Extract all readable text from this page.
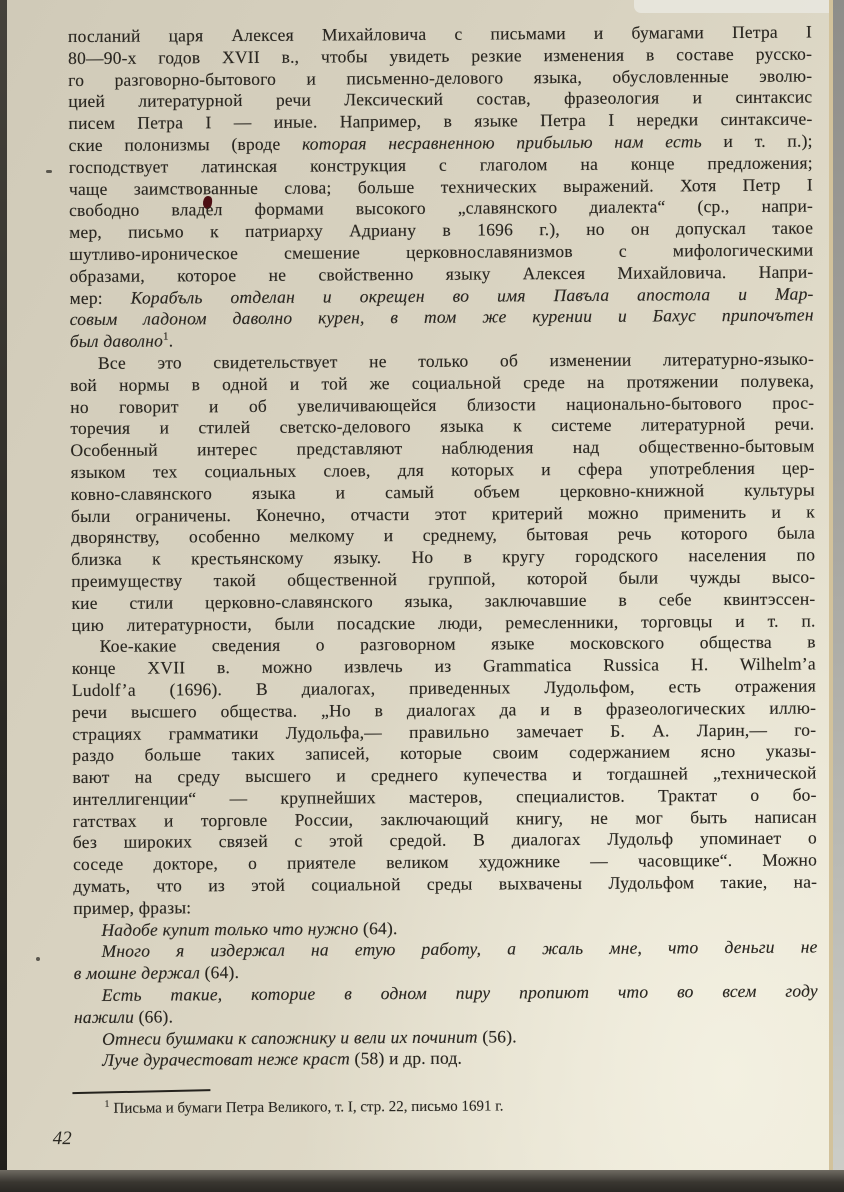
посланий царя Алексея Михайловича с письмами и бумагами Петра I
80—90-х годов XVII в., чтобы увидеть резкие изменения в составе русско-
го разговорно-бытового и письменно-делового языка, обусловленные эволю-
цией литературной речи Лексический состав, фразеология и синтаксис
писем Петра I — иные. Например, в языке Петра I нередки синтаксиче-
ские полонизмы (вроде которая несравненною прибылью нам есть и т. п.);
господствует латинская конструкция с глаголом на конце предложения;
чаще заимствованные слова; больше технических выражений. Хотя Петр I
свободно владел формами высокого „славянского диалекта“ (ср., напри-
мер, письмо к патриарху Адриану в 1696 г.), но он допускал такое
шутливо-ироническое смешение церковнославянизмов с мифологическими
образами, которое не свойственно языку Алексея Михайловича. Напри-
мер: Корабъль отделан и окрещен во имя Павъла апостола и Мар-
совым ладоном даволно курен, в том же курении и Бахус припочътен
был даволно$^1$.
Все это свидетельствует не только об изменении литературно-языко-
вой нормы в одной и той же социальной среде на протяжении полувека,
но говорит и об увеличивающейся близости национально-бытового прос-
торечия и стилей светско-делового языка к системе литературной речи.
Особенный интерес представляют наблюдения над общественно-бытовым
языком тех социальных слоев, для которых и сфера употребления цер-
ковно-славянского языка и самый объем церковно-книжной культуры
были ограничены. Конечно, отчасти этот критерий можно применить и к
дворянству, особенно мелкому и среднему, бытовая речь которого была
близка к крестьянскому языку. Но в кругу городского населения по
преимуществу такой общественной группой, которой были чужды высо-
кие стили церковно-славянского языка, заключавшие в себе квинтэссен-
цию литературности, были посадские люди, ремесленники, торговцы и т. п.
Кое-какие сведения о разговорном языке московского общества в
конце XVII в. можно извлечь из Grammatica Russica H. Wilhelm’a
Ludolf’a (1696). В диалогах, приведенных Лудольфом, есть отражения
речи высшего общества. „Но в диалогах да и в фразеологических иллю-
страциях грамматики Лудольфа,— правильно замечает Б. А. Ларин,— го-
раздо больше таких записей, которые своим содержанием ясно указы-
вают на среду высшего и среднего купечества и тогдашней „технической
интеллигенции“ — крупнейших мастеров, специалистов. Трактат о бо-
гатствах и торговле России, заключающий книгу, не мог быть написан
без широких связей с этой средой. В диалогах Лудольф упоминает о
соседе докторе, о приятеле великом художнике — часовщике“. Можно
думать, что из этой социальной среды выхвачены Лудольфом такие, на-
пример, фразы:
Надобе купит только что нужно (64).
Много я издержал на етую работу, а жаль мне, что деньги не
в мошне держал (64).
Есть такие, которие в одном пиру пропиют что во всем году
нажили (66).
Отнеси бушмаки к сапожнику и вели их починит (56).
Луче дурачестоват неже краст (58) и др. под.
$^1$ Письма и бумаги Петра Великого, т. I, стр. 22, письмо 1691 г.
42
